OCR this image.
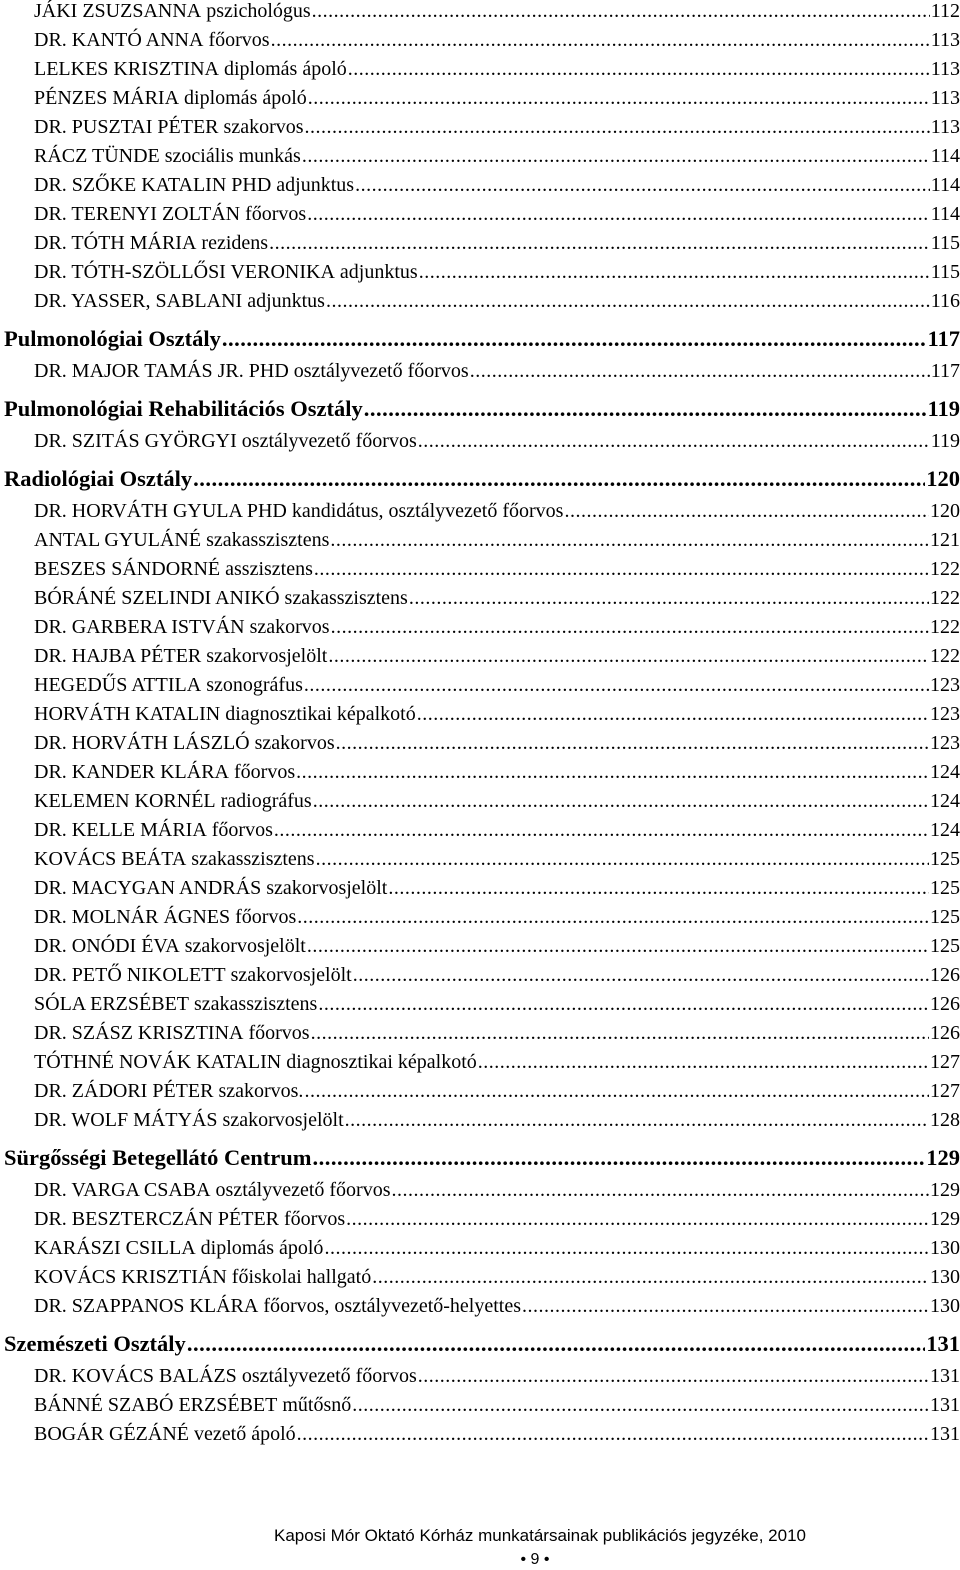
JÁKI ZSUZSANNA pszichológus .....	112
DR. KANTÓ ANNA főorvos .....	113
LELKES KRISZTINA diplomás ápoló .....	113
PÉNZES MÁRIA diplomás ápoló .....	113
DR. PUSZTAI PÉTER szakorvos .....	113
RÁCZ TÜNDE szociális munkás .....	114
DR. SZŐKE KATALIN PHD adjunktus .....	114
DR. TERENYI ZOLTÁN főorvos .....	114
DR. TÓTH MÁRIA rezidens .....	115
DR. TÓTH-SZÖLLŐSI VERONIKA adjunktus .....	115
DR. YASSER, SABLANI adjunktus .....	116
Pulmonológiai Osztály .....	117
DR. MAJOR TAMÁS JR. PHD osztályvezető főorvos .....	117
Pulmonológiai Rehabilitációs Osztály .....	119
DR. SZITÁS GYÖRGYI osztályvezető főorvos .....	119
Radiológiai Osztály .....	120
DR. HORVÁTH GYULA PHD kandidátus, osztályvezető főorvos .....	120
ANTAL GYULÁNÉ szakasszisztens .....	121
BESZES SÁNDORNÉ asszisztens .....	122
BÓRÁNÉ SZELINDI ANIKÓ szakasszisztens .....	122
DR. GARBERA ISTVÁN szakorvos .....	122
DR. HAJBA PÉTER szakorvosjelölt .....	122
HEGEDŰS ATTILA szonográfus .....	123
HORVÁTH KATALIN diagnosztikai képalkotó .....	123
DR. HORVÁTH LÁSZLÓ szakorvos .....	123
DR. KANDER KLÁRA főorvos .....	124
KELEMEN KORNÉL radiográfus .....	124
DR. KELLE MÁRIA főorvos .....	124
KOVÁCS BEÁTA szakasszisztens .....	125
DR. MACYGAN ANDRÁS szakorvosjelölt .....	125
DR. MOLNÁR ÁGNES főorvos .....	125
DR. ONÓDI ÉVA szakorvosjelölt .....	125
DR. PETŐ NIKOLETT szakorvosjelölt .....	126
SÓLA ERZSÉBET szakasszisztens .....	126
DR. SZÁSZ KRISZTINA főorvos .....	126
TÓTHNÉ NOVÁK KATALIN diagnosztikai képalkotó .....	127
DR. ZÁDORI PÉTER szakorvos. .....	127
DR. WOLF MÁTYÁS szakorvosjelölt .....	128
Sürgősségi Betegellátó Centrum .....	129
DR. VARGA CSABA osztályvezető főorvos .....	129
DR. BESZTERCZÁN PÉTER főorvos .....	129
KARÁSZI CSILLA diplomás ápoló .....	130
KOVÁCS KRISZTIÁN főiskolai hallgató .....	130
DR. SZAPPANOS KLÁRA főorvos, osztályvezető-helyettes .....	130
Szemészeti Osztály .....	131
DR. KOVÁCS BALÁZS osztályvezető főorvos .....	131
BÁNNÉ SZABÓ ERZSÉBET műtősnő .....	131
BOGÁR GÉZÁNÉ vezető ápoló .....	131
Kaposi Mór Oktató Kórház munkatársainak publikációs jegyzéke, 2010
• 9 •
